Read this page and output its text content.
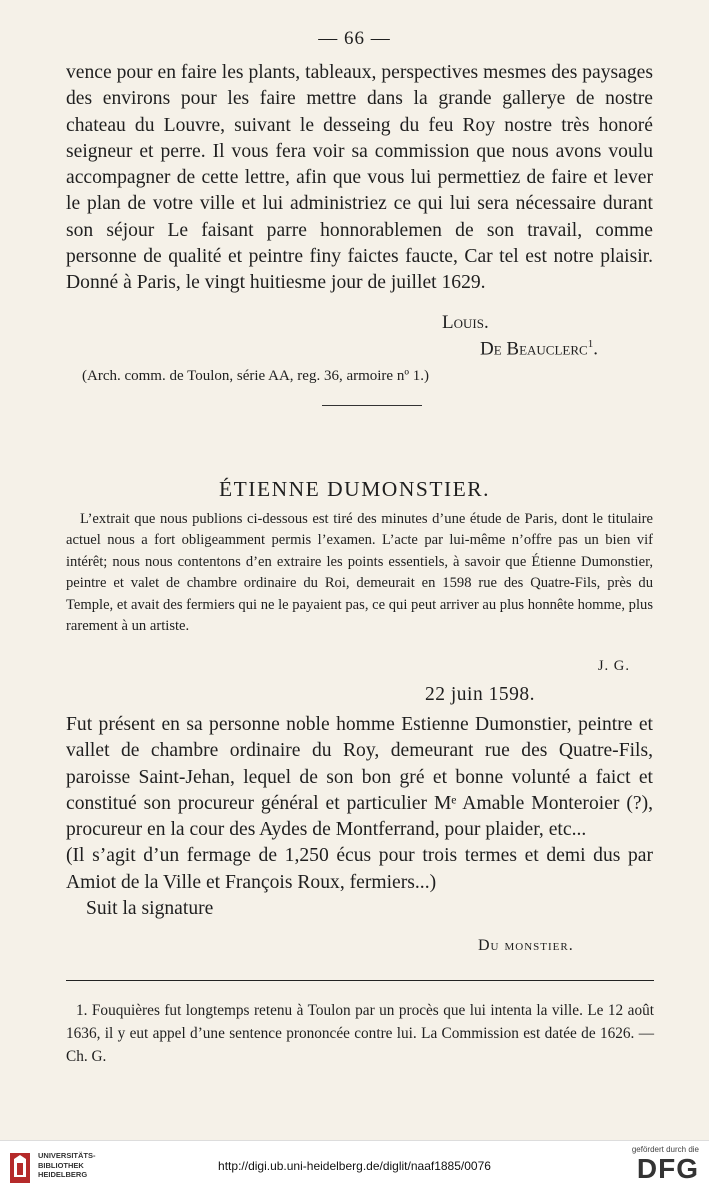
— 66 —

vence pour en faire les plants, tableaux, perspectives mesmes des paysages des environs pour les faire mettre dans la grande galleryе de nostre chateau du Louvre, suivant le desseing du feu Roy nostre très honoré seigneur et perre. Il vous fera voir sa commission que nous avons voulu accompagner de cette lettre, afin que vous lui permettiez de faire et lever le plan de votre ville et lui administriez ce qui lui sera nécessaire durant son séjour Le faisant parre honnorablemen de son travail, comme personne de qualité et peintre finy faictes faucte, Car tel est notre plaisir. Donné à Paris, le vingt huitiesme jour de juillet 1629.

Louis.
De Beauclerc$^1$.
(Arch. comm. de Toulon, série AA, reg. 36, armoire nº 1.)
ÉTIENNE DUMONSTIER.
L’extrait que nous publions ci-dessous est tiré des minutes d’une étude de Paris, dont le titulaire actuel nous a fort obligeamment permis l’examen. L’acte par lui-même n’offre pas un bien vif intérêt; nous nous contentons d’en extraire les points essentiels, à savoir que Étienne Dumonstier, peintre et valet de chambre ordinaire du Roi, demeurait en 1598 rue des Quatre-Fils, près du Temple, et avait des fermiers qui ne le payaient pas, ce qui peut arriver au plus honnête homme, plus rarement à un artiste.
J. G.
22 juin 1598.

Fut présent en sa personne noble homme Estienne Dumonstier, peintre et vallet de chambre ordinaire du Roy, demeurant rue des Quatre-Fils, paroisse Saint-Jehan, lequel de son bon gré et bonne volunté a faict et constitué son procureur général et particulier Mᵉ Amable Monteroier (?), procureur en la cour des Aydes de Montferrand, pour plaider, etc...

(Il s’agit d’un fermage de 1,250 écus pour trois termes et demi dus par Amiot de la Ville et François Roux, fermiers...)

Suit la signature

Du monstier.
1. Fouquières fut longtemps retenu à Toulon par un procès que lui intenta la ville. Le 12 août 1636, il y eut appel d’une sentence prononcée contre lui. La Commission est datée de 1626. — Ch. G.
UNIVERSITÄTS-
BIBLIOTHEK
HEIDELBERG
http://digi.ub.uni-heidelberg.de/diglit/naaf1885/0076
gefördert durch die
DFG
